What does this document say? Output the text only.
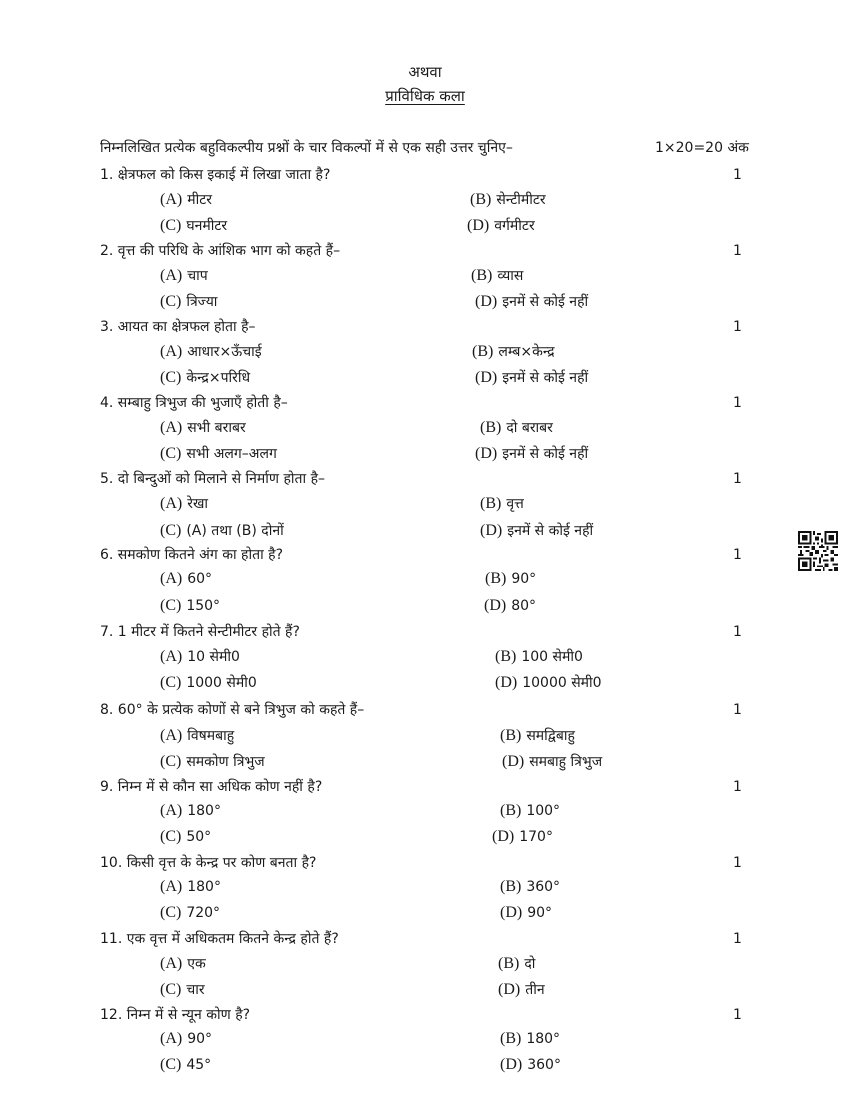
अथवा
प्राविधिक कला
निम्नलिखित प्रत्येक बहुविकल्पीय प्रश्नों के चार विकल्पों में से एक सही उत्तर चुनिए–	1×20=20 अंक
1. क्षेत्रफल को किस इकाई में लिखा जाता है?	1
(A) मीटर	(B) सेन्टीमीटर
(C) घनमीटर	(D) वर्गमीटर
2. वृत्त की परिधि के आंशिक भाग को कहते हैं–	1
(A) चाप	(B) व्यास
(C) त्रिज्या	(D) इनमें से कोई नहीं
3. आयत का क्षेत्रफल होता है–	1
(A) आधार×ऊँचाई	(B) लम्ब×केन्द्र
(C) केन्द्र×परिधि	(D) इनमें से कोई नहीं
4. सम्बाहु त्रिभुज की भुजाएँ होती है–	1
(A) सभी बराबर	(B) दो बराबर
(C) सभी अलग–अलग	(D) इनमें से कोई नहीं
5. दो बिन्दुओं को मिलाने से निर्माण होता है–	1
(A) रेखा	(B) वृत्त
(C) (A) तथा (B) दोनों	(D) इनमें से कोई नहीं
6. समकोण कितने अंग का होता है?	1
(A) 60°	(B) 90°
(C) 150°	(D) 80°
7. 1 मीटर में कितने सेन्टीमीटर होते हैं?	1
(A) 10 सेमी0	(B) 100 सेमी0
(C) 1000 सेमी0	(D) 10000 सेमी0
8. 60° के प्रत्येक कोणों से बने त्रिभुज को कहते हैं–	1
(A) विषमबाहु	(B) समद्विबाहु
(C) समकोण त्रिभुज	(D) समबाहु त्रिभुज
9. निम्न में से कौन सा अधिक कोण नहीं है?	1
(A) 180°	(B) 100°
(C) 50°	(D) 170°
10. किसी वृत्त के केन्द्र पर कोण बनता है?	1
(A) 180°	(B) 360°
(C) 720°	(D) 90°
11. एक वृत्त में अधिकतम कितने केन्द्र होते हैं?	1
(A) एक	(B) दो
(C) चार	(D) तीन
12. निम्न में से न्यून कोण है?	1
(A) 90°	(B) 180°
(C) 45°	(D) 360°
